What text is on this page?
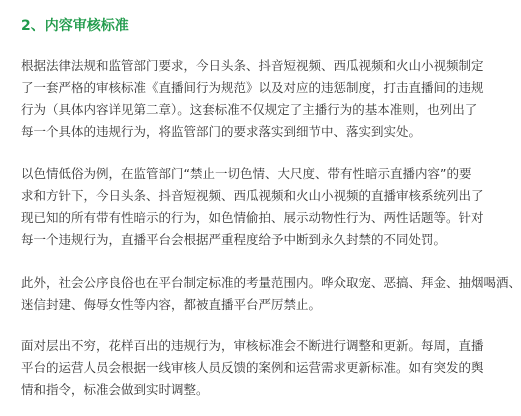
2、内容审核标准
根据法律法规和监管部门要求，今日头条、抖音短视频、西瓜视频和火山小视频制定
了一套严格的审核标准《直播间行为规范》以及对应的违惩制度，打击直播间的违规
行为（具体内容详见第二章）。这套标准不仅规定了主播行为的基本准则，也列出了
每一个具体的违规行为，将监管部门的要求落实到细节中、落实到实处。
以色情低俗为例，在监管部门“禁止一切色情、大尺度、带有性暗示直播内容”的要
求和方针下，今日头条、抖音短视频、西瓜视频和火山小视频的直播审核系统列出了
现已知的所有带有性暗示的行为，如色情偷拍、展示动物性行为、两性话题等。针对
每一个违规行为，直播平台会根据严重程度给予中断到永久封禁的不同处罚。
此外，社会公序良俗也在平台制定标准的考量范围内。哗众取宠、恶搞、拜金、抽烟喝酒、
迷信封建、侮辱女性等内容，都被直播平台严厉禁止。
面对层出不穷，花样百出的违规行为，审核标准会不断进行调整和更新。每周，直播
平台的运营人员会根据一线审核人员反馈的案例和运营需求更新标准。如有突发的舆
情和指令，标准会做到实时调整。
